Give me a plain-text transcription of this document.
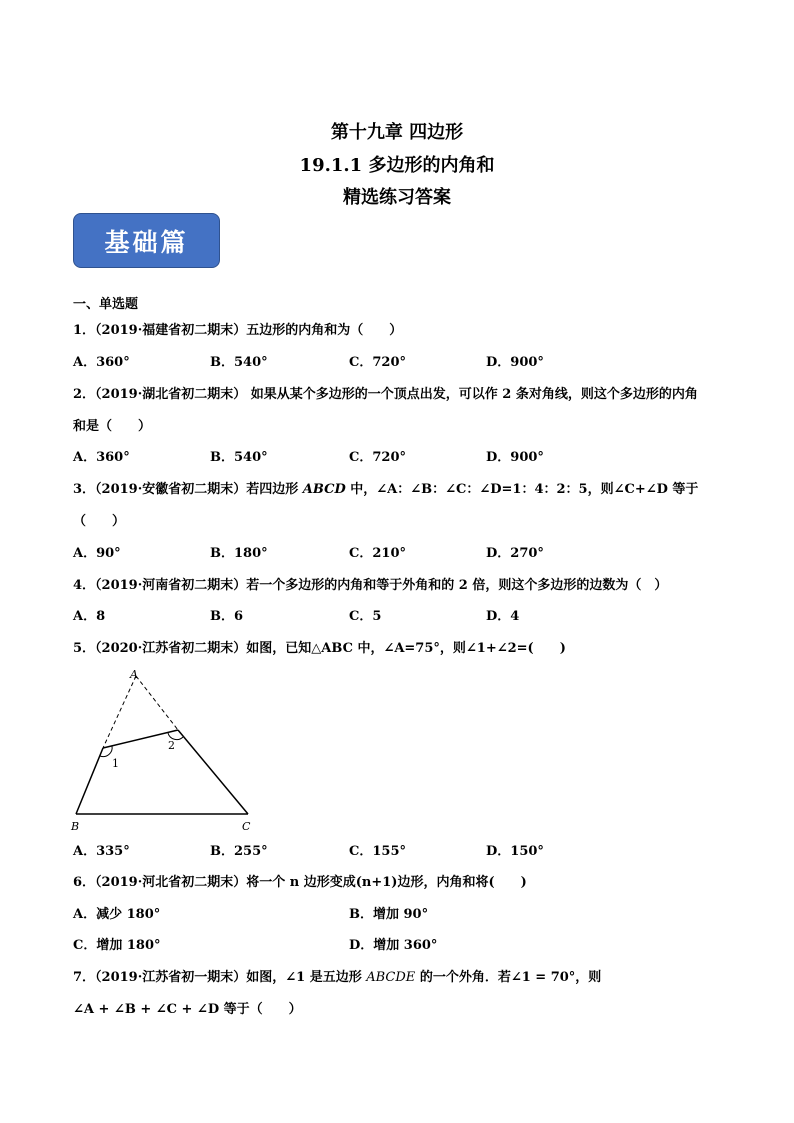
第十九章 四边形
19.1.1 多边形的内角和
精选练习答案
基础篇
一、单选题
1．（2019·福建省初二期末）五边形的内角和为（　　）
A．360°	B．540°	C．720°	D．900°
2．（2019·湖北省初二期末） 如果从某个多边形的一个顶点出发，可以作 2 条对角线，则这个多边形的内角
和是（　　）
A．360°	B．540°	C．720°	D．900°
3．（2019·安徽省初二期末）若四边形 ABCD 中，∠A：∠B：∠C：∠D=1：4：2：5，则∠C+∠D 等于
（　　）
A．90°	B．180°	C．210°	D．270°
4．（2019·河南省初二期末）若一个多边形的内角和等于外角和的 2 倍，则这个多边形的边数为（　）
A．8	B．6	C．5	D．4
5．（2020·江苏省初二期末）如图，已知△ABC 中，∠A=75°，则∠1+∠2=(　　)
A
B	C
1
2
A．335°	B．255°	C．155°	D．150°
6．（2019·河北省初二期末）将一个 n 边形变成(n+1)边形，内角和将(　　)
A．减少 180°	B．增加 90°
C．增加 180°	D．增加 360°
7．（2019·江苏省初一期末）如图，∠1 是五边形 ABCDE 的一个外角．若∠1 = 70°，则
∠A + ∠B + ∠C + ∠D 等于（　　）
